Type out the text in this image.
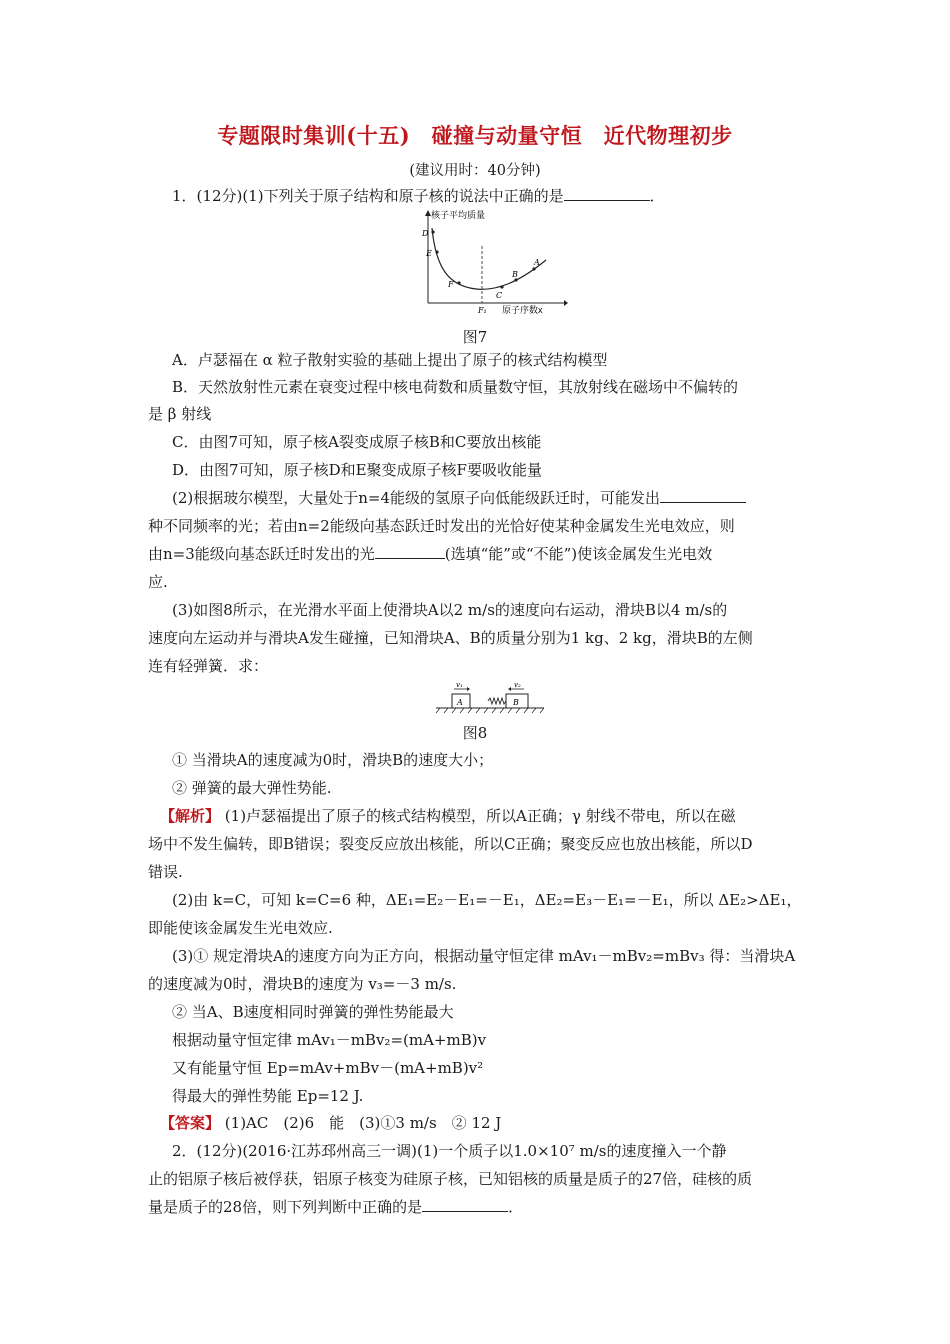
专题限时集训(十五)　碰撞与动量守恒　近代物理初步
(建议用时：40分钟)
1．(12分)(1)下列关于原子结构和原子核的说法中正确的是	．
核子平均质量
原子序数x
F₁
D
E
F
C
B
A
图7
A．卢瑟福在 α 粒子散射实验的基础上提出了原子的核式结构模型
B．天然放射性元素在衰变过程中核电荷数和质量数守恒，其放射线在磁场中不偏转的
是 β 射线
C．由图7可知，原子核A裂变成原子核B和C要放出核能
D．由图7可知，原子核D和E聚变成原子核F要吸收能量
(2)根据玻尔模型，大量处于n=4能级的氢原子向低能级跃迁时，可能发出
种不同频率的光；若由n=2能级向基态跃迁时发出的光恰好使某种金属发生光电效应，则
由n=3能级向基态跃迁时发出的光	(选填“能”或“不能”)使该金属发生光电效
应.
(3)如图8所示，在光滑水平面上使滑块A以2 m/s的速度向右运动，滑块B以4 m/s的
速度向左运动并与滑块A发生碰撞，已知滑块A、B的质量分别为1 kg、2 kg，滑块B的左侧
连有轻弹簧．求：
A	B
v₁	v₂
图8
① 当滑块A的速度减为0时，滑块B的速度大小；
② 弹簧的最大弹性势能.
【解析】 (1)卢瑟福提出了原子的核式结构模型，所以A正确；γ 射线不带电，所以在磁
场中不发生偏转，即B错误；裂变反应放出核能，所以C正确；聚变反应也放出核能，所以D
错误.
(2)由 k=C，可知 k=C=6 种，ΔE₁=E₂－E₁=－E₁，ΔE₂=E₃－E₁=－E₁，所以 ΔE₂>ΔE₁，
即能使该金属发生光电效应.
(3)① 规定滑块A的速度方向为正方向，根据动量守恒定律 mAv₁－mBv₂=mBv₃ 得：当滑块A
的速度减为0时，滑块B的速度为 v₃=－3 m/s.
② 当A、B速度相同时弹簧的弹性势能最大
根据动量守恒定律 mAv₁－mBv₂=(mA+mB)v
又有能量守恒 Ep=mAv+mBv－(mA+mB)v²
得最大的弹性势能 Ep=12 J.
【答案】 (1)AC　(2)6　能　(3)①3 m/s　② 12 J
2．(12分)(2016·江苏邳州高三一调)(1)一个质子以1.0×10⁷ m/s的速度撞入一个静
止的铝原子核后被俘获，铝原子核变为硅原子核，已知铝核的质量是质子的27倍，硅核的质
量是质子的28倍，则下列判断中正确的是	．
